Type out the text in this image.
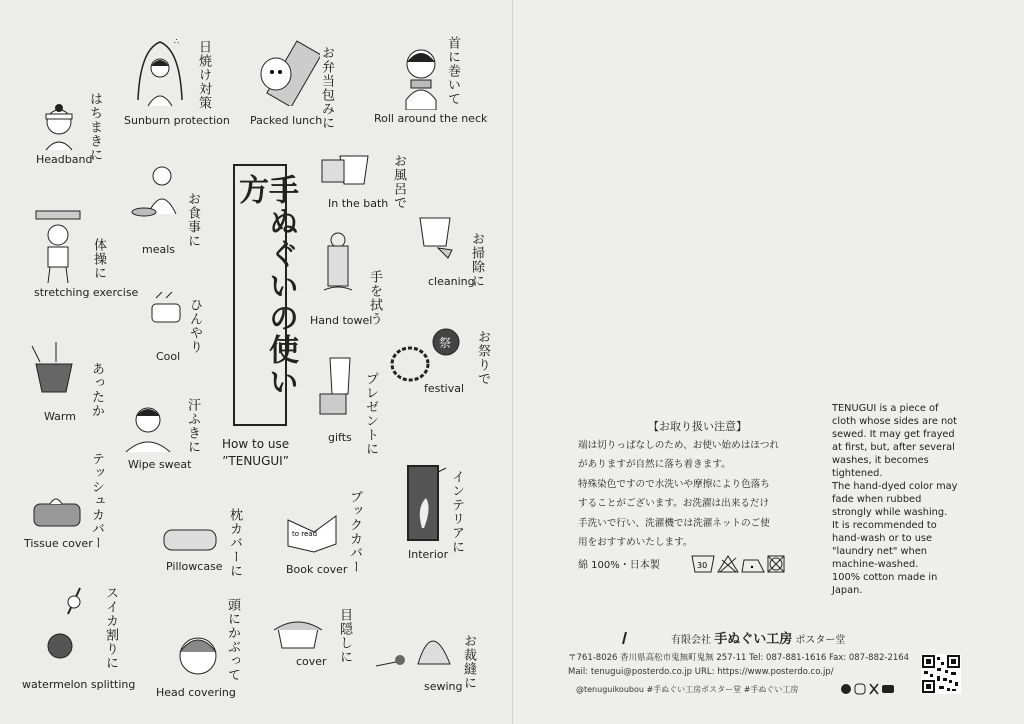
手ぬぐいの使い方
How to use
”TENUGUI”
∴
祭
to read
日焼け対策
Sunburn protection	お弁当包みに
Packed lunch
首に巻いて
Roll around the neck
はちまきに
Headband	お風呂で
In the bath
お食事に
meals
体操に
stretching exercise
お掃除に
cleaning
手を拭う
Hand towel
ひんやり
Cool	お祭りで
festival
あったか
Warm	プレゼントに
gifts
汗ふきに
Wipe sweat
テッシュカバー
Tissue cover	枕カバーに
Pillowcase	ブックカバー
Book cover
インテリアに
Interior
スイカ割りに
watermelon splitting
頭にかぶって
Head covering
目隠しに
cover	お裁縫に
sewing
【お取り扱い注意】
端は切りっぱなしのため、お使い始めはほつれ
がありますが自然に落ち着きます。
特殊染色ですので水洗いや摩擦により色落ち
することがございます。お洗濯は出来るだけ
手洗いで行い、洗濯機では洗濯ネットのご使
用をおすすめいたします。
綿 100%・日本製	30
TENUGUI is a piece of
cloth whose sides are not
sewed. It may get frayed
at first, but, after several
washes, it becomes
tightened.
The hand-dyed color may
fade when rubbed
strongly while washing.
It is recommended to
hand-wash or to use
"laundry net" when
machine-washed.
100% cotton made in
Japan.
有限会社 手ぬぐい工房 ポスター堂
〒761-8026 香川県高松市鬼無町鬼無 257-11 Tel: 087-881-1616 Fax: 087-882-2164
Mail: tenugui@posterdo.co.jp URL: https://www.posterdo.co.jp/
@tenuguikoubou #手ぬぐい工房ポスター堂 #手ぬぐい工房
